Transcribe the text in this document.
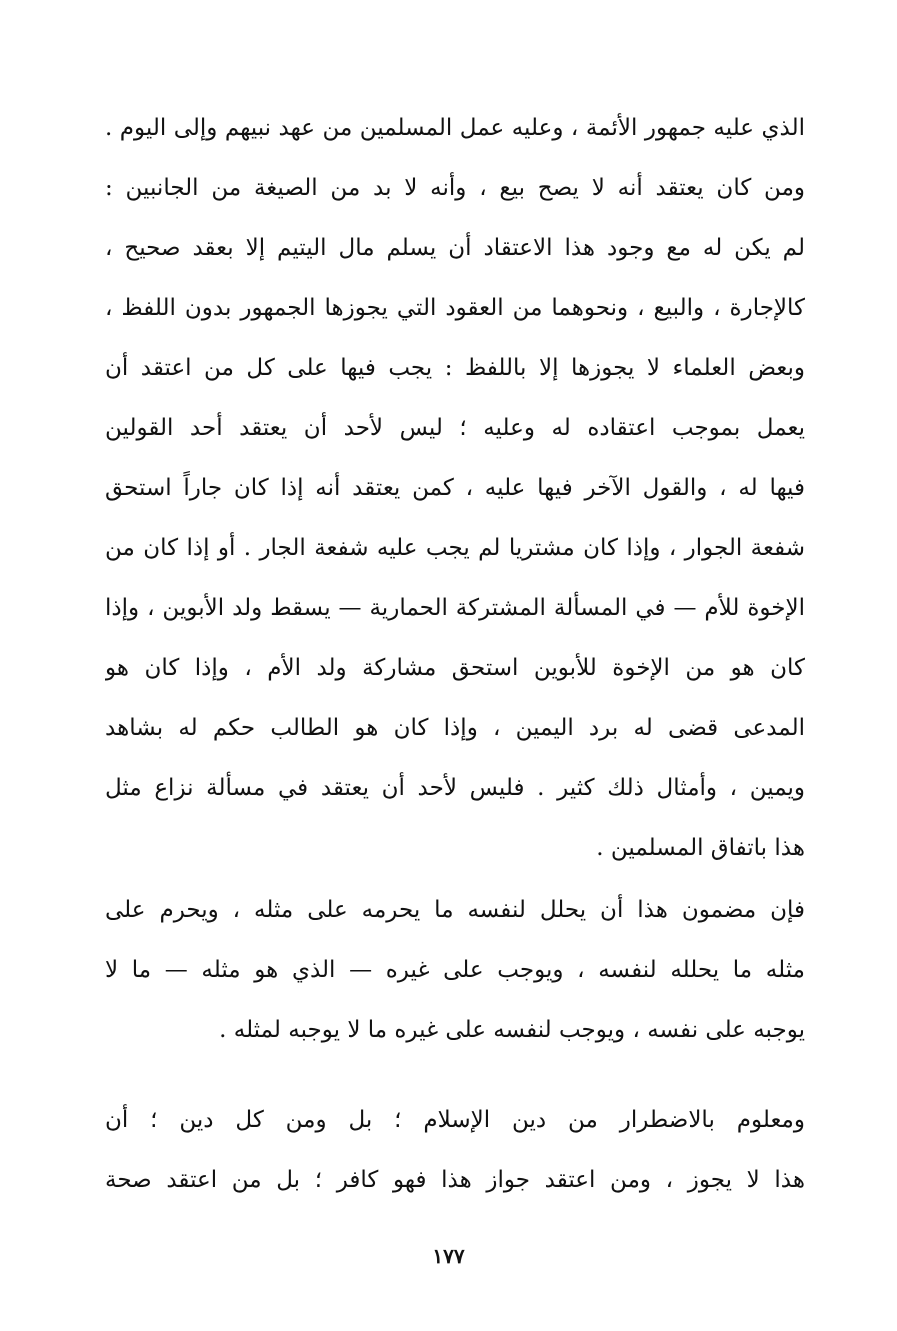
الذي عليه جمهور الأئمة ، وعليه عمل المسلمين من عهد نبيهم وإلى اليوم .
ومن كان يعتقد أنه لا يصح بيع ، وأنه لا بد من الصيغة من الجانبين :
لم يكن له مع وجود هذا الاعتقاد أن يسلم مال اليتيم إلا بعقد صحيح ،
كالإجارة ، والبيع ، ونحوهما من العقود التي يجوزها الجمهور بدون اللفظ ،
وبعض العلماء لا يجوزها إلا باللفظ : يجب فيها على كل من اعتقد أن
يعمل بموجب اعتقاده له وعليه ؛ ليس لأحد أن يعتقد أحد القولين
فيها له ، والقول الآخر فيها عليه ، كمن يعتقد أنه إذا كان جاراً استحق
شفعة الجوار ، وإذا كان مشتريا لم يجب عليه شفعة الجار . أو إذا كان من
الإخوة للأم — في المسألة المشتركة الحمارية — يسقط ولد الأبوين ، وإذا
كان هو من الإخوة للأبوين استحق مشاركة ولد الأم ، وإذا كان هو
المدعى قضى له برد اليمين ، وإذا كان هو الطالب حكم له بشاهد
ويمين ، وأمثال ذلك كثير . فليس لأحد أن يعتقد في مسألة نزاع مثل
هذا باتفاق المسلمين .
فإن مضمون هذا أن يحلل لنفسه ما يحرمه على مثله ، ويحرم على
مثله ما يحلله لنفسه ، ويوجب على غيره — الذي هو مثله — ما لا
يوجبه على نفسه ، ويوجب لنفسه على غيره ما لا يوجبه لمثله .
ومعلوم بالاضطرار من دين الإسلام ؛ بل ومن كل دين ؛ أن
هذا لا يجوز ، ومن اعتقد جواز هذا فهو كافر ؛ بل من اعتقد صحة
١٧٧
